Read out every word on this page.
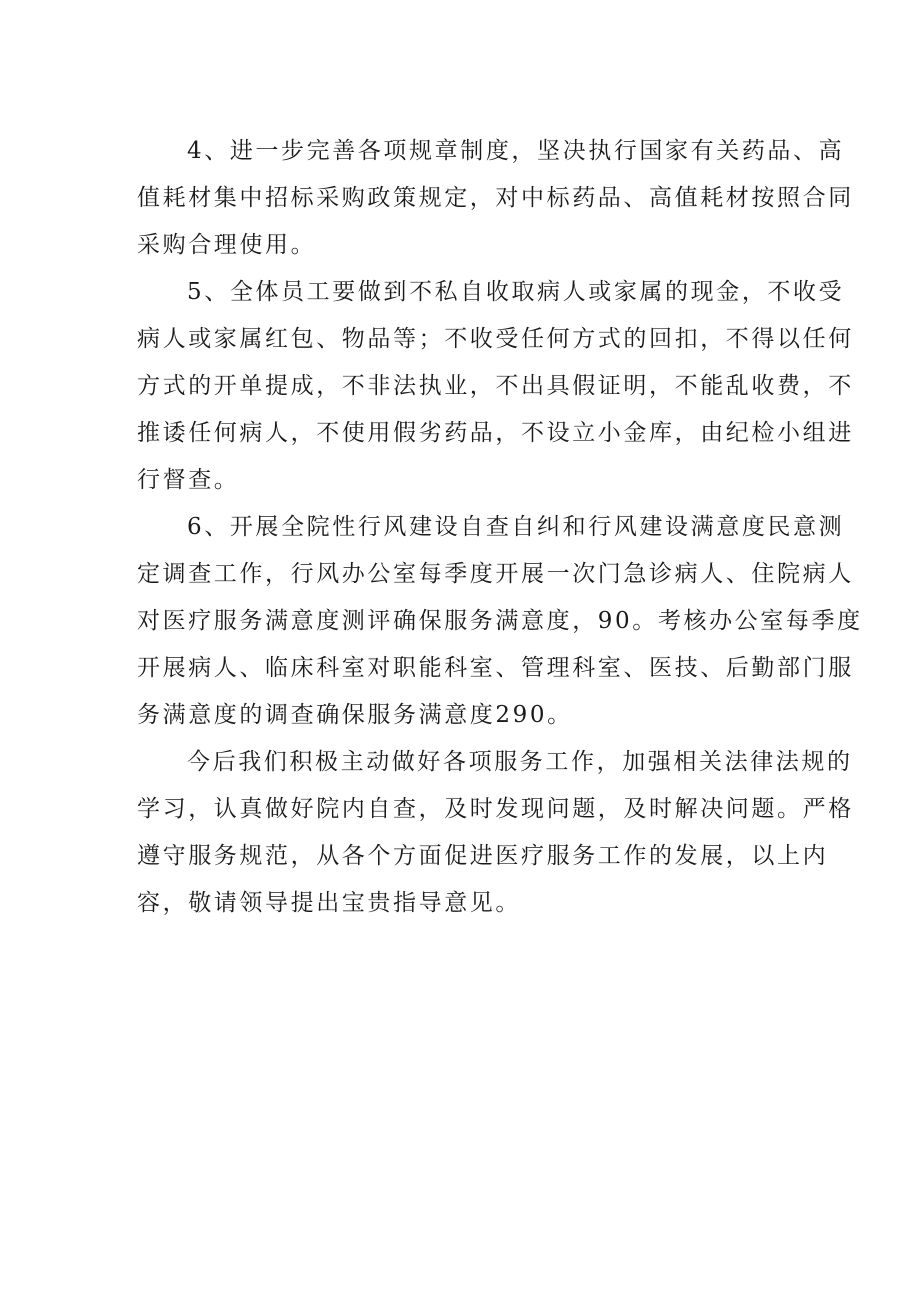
4、进一步完善各项规章制度，坚决执行国家有关药品、高
值耗材集中招标采购政策规定，对中标药品、高值耗材按照合同
采购合理使用。

5、全体员工要做到不私自收取病人或家属的现金，不收受
病人或家属红包、物品等；不收受任何方式的回扣，不得以任何
方式的开单提成，不非法执业，不出具假证明，不能乱收费，不
推诿任何病人，不使用假劣药品，不设立小金库，由纪检小组进
行督查。

6、开展全院性行风建设自查自纠和行风建设满意度民意测
定调查工作，行风办公室每季度开展一次门急诊病人、住院病人
对医疗服务满意度测评确保服务满意度，90。考核办公室每季度
开展病人、临床科室对职能科室、管理科室、医技、后勤部门服
务满意度的调查确保服务满意度290。

今后我们积极主动做好各项服务工作，加强相关法律法规的
学习，认真做好院内自查，及时发现问题，及时解决问题。严格
遵守服务规范，从各个方面促进医疗服务工作的发展，以上内
容，敬请领导提出宝贵指导意见。
